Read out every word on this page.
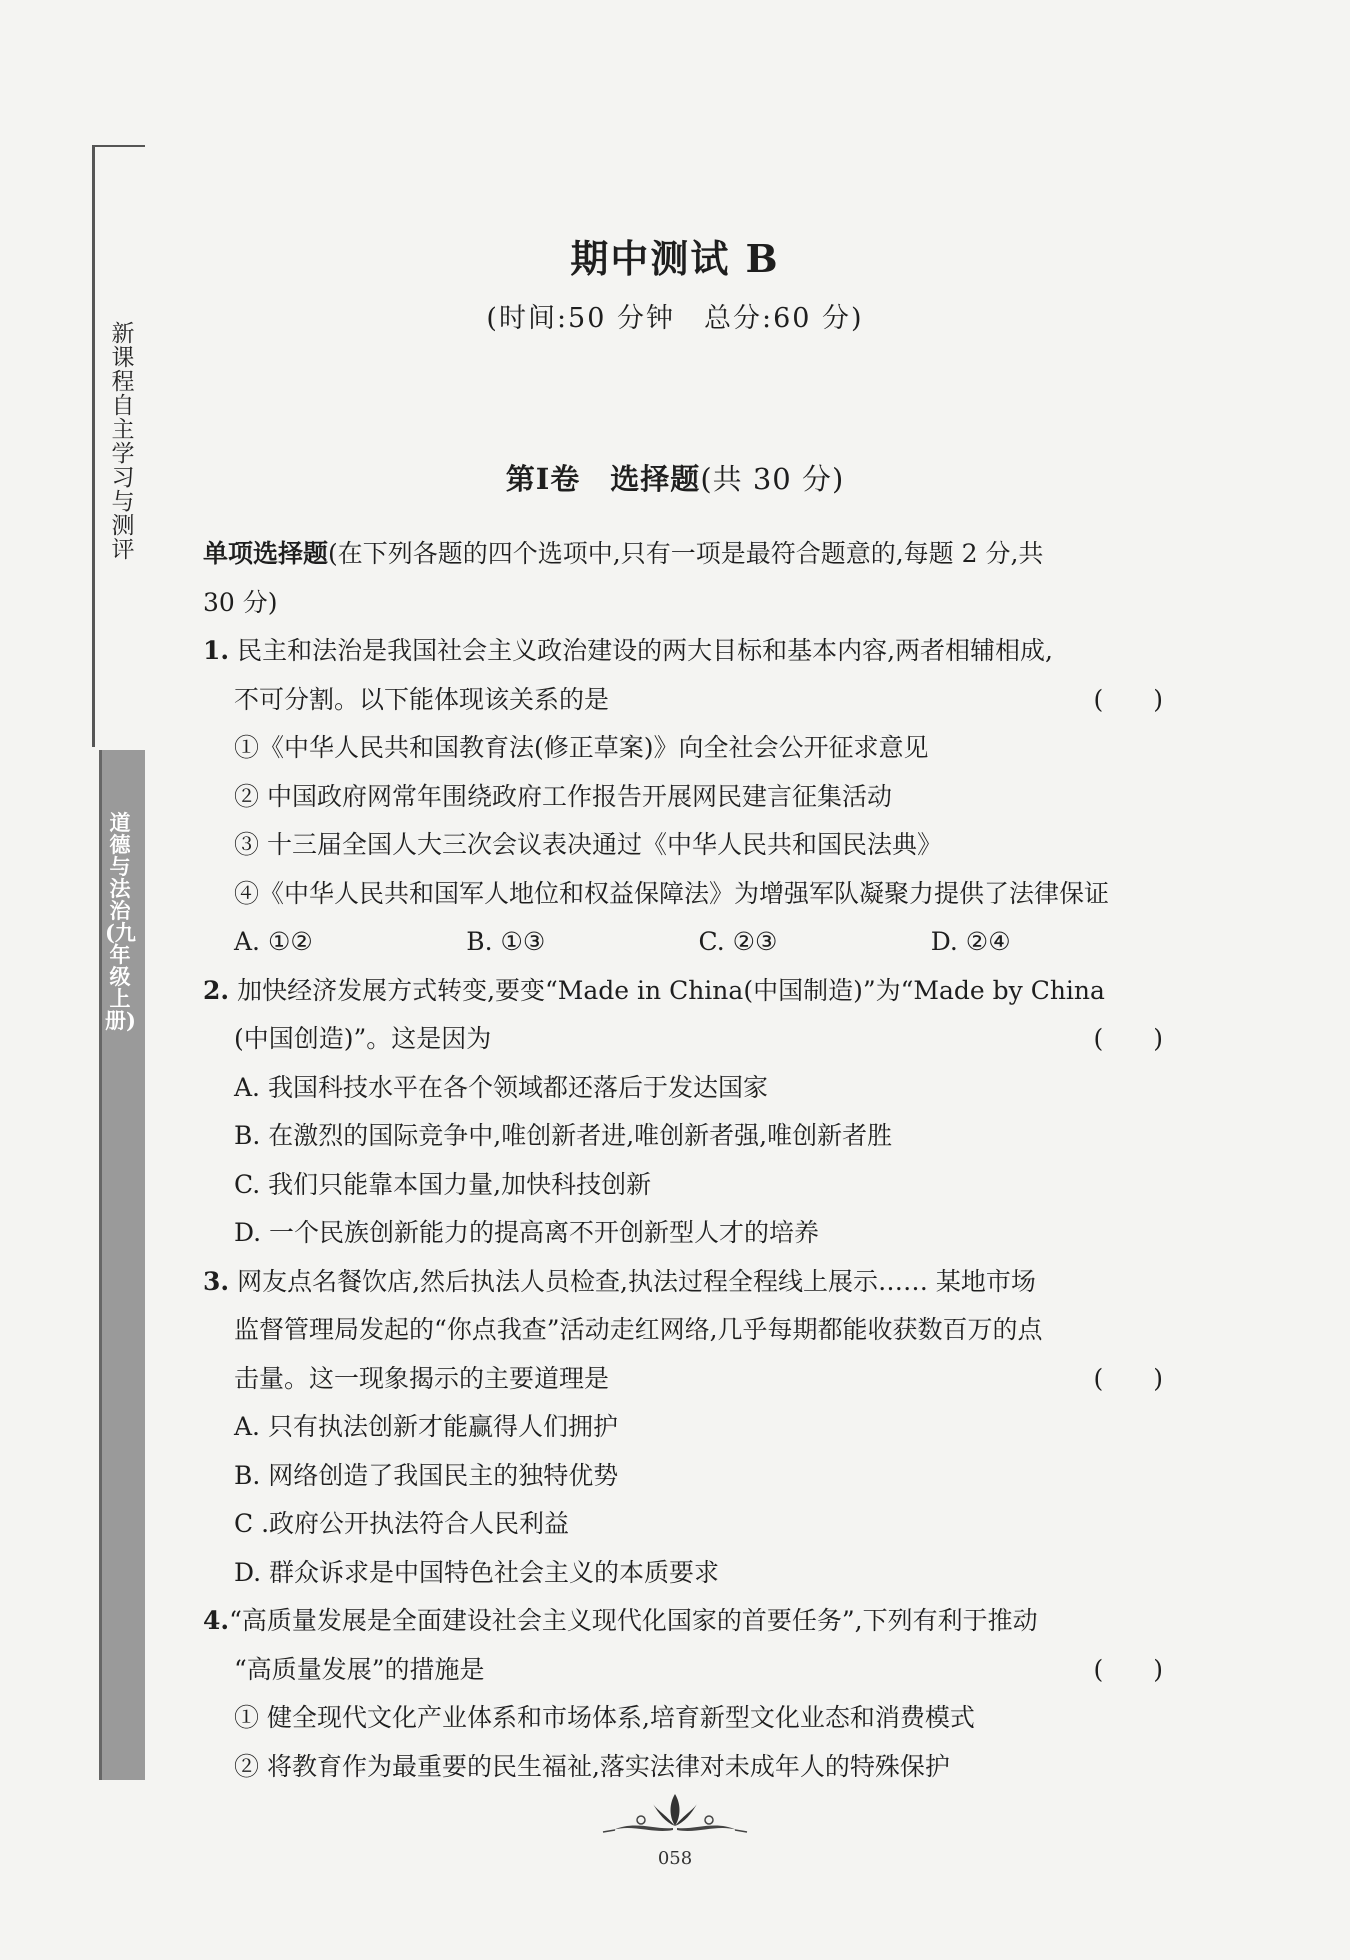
新课程自主学习与测评
道德与法治(九年级上册)
期中测试 B
(时间:50 分钟　总分:60 分)
第Ⅰ卷　 选择题(共 30 分)
单项选择题(在下列各题的四个选项中,只有一项是最符合题意的,每题 2 分,共
30 分)
1. 民主和法治是我国社会主义政治建设的两大目标和基本内容,两者相辅相成,
不可分割。以下能体现该关系的是	(　　)
①《中华人民共和国教育法(修正草案)》向全社会公开征求意见
② 中国政府网常年围绕政府工作报告开展网民建言征集活动
③ 十三届全国人大三次会议表决通过《中华人民共和国民法典》
④《中华人民共和国军人地位和权益保障法》为增强军队凝聚力提供了法律保证
A. ①②	B. ①③	C. ②③	D. ②④
2. 加快经济发展方式转变,要变“Made in China(中国制造)”为“Made by China
(中国创造)”。这是因为	(　　)
A. 我国科技水平在各个领域都还落后于发达国家
B. 在激烈的国际竞争中,唯创新者进,唯创新者强,唯创新者胜
C. 我们只能靠本国力量,加快科技创新
D. 一个民族创新能力的提高离不开创新型人才的培养
3. 网友点名餐饮店,然后执法人员检查,执法过程全程线上展示…… 某地市场
监督管理局发起的“你点我查”活动走红网络,几乎每期都能收获数百万的点
击量。这一现象揭示的主要道理是	(　　)
A. 只有执法创新才能赢得人们拥护
B. 网络创造了我国民主的独特优势
C .政府公开执法符合人民利益
D. 群众诉求是中国特色社会主义的本质要求
4.“高质量发展是全面建设社会主义现代化国家的首要任务”,下列有利于推动
“高质量发展”的措施是	(　　)
① 健全现代文化产业体系和市场体系,培育新型文化业态和消费模式
② 将教育作为最重要的民生福祉,落实法律对未成年人的特殊保护
058
